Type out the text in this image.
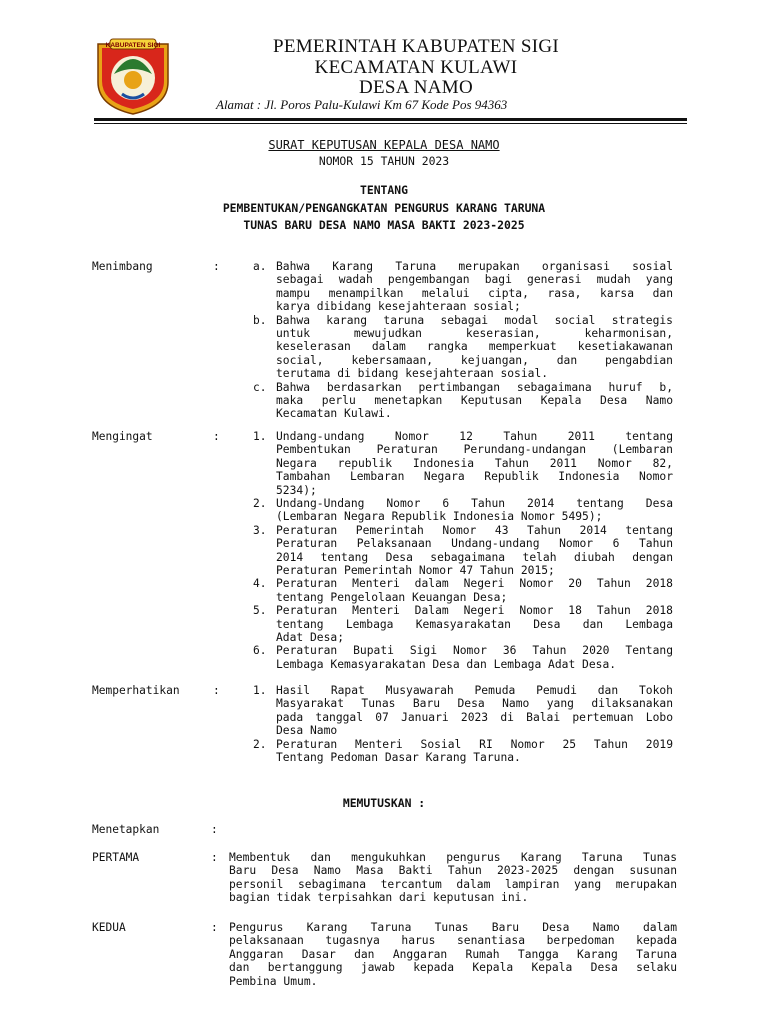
KABUPATEN SIGI	PEMERINTAH KABUPATEN SIGI
KECAMATAN KULAWI
DESA NAMO
Alamat : Jl. Poros Palu-Kulawi Km 67 Kode Pos 94363
SURAT KEPUTUSAN KEPALA DESA NAMO
NOMOR 15 TAHUN 2023
TENTANG
PEMBENTUKAN/PENGANGKATAN PENGURUS KARANG TARUNA
TUNAS BARU DESA NAMO MASA BAKTI 2023-2025
Menimbang	:	a. Bahwa Karang Taruna merupakan organisasi sosial
sebagai wadah pengembangan bagi generasi mudah yang
mampu menampilkan melalui cipta, rasa, karsa dan
karya dibidang kesejahteraan sosial;
b. Bahwa karang taruna sebagai modal social strategis
untuk mewujudkan keserasian, keharmonisan,
keselerasan dalam rangka memperkuat kesetiakawanan
social, kebersamaan, kejuangan, dan pengabdian
terutama di bidang kesejahteraan sosial.
c. Bahwa berdasarkan pertimbangan sebagaimana huruf b,
maka perlu menetapkan Keputusan Kepala Desa Namo
Kecamatan Kulawi.
Mengingat	:	1. Undang-undang Nomor 12 Tahun 2011 tentang
Pembentukan Peraturan Perundang-undangan (Lembaran
Negara republik Indonesia Tahun 2011 Nomor 82,
Tambahan Lembaran Negara Republik Indonesia Nomor
5234);
2. Undang-Undang Nomor 6 Tahun 2014 tentang Desa
(Lembaran Negara Republik Indonesia Nomor 5495);
3. Peraturan Pemerintah Nomor 43 Tahun 2014 tentang
Peraturan Pelaksanaan Undang-undang Nomor 6 Tahun
2014 tentang Desa sebagaimana telah diubah dengan
Peraturan Pemerintah Nomor 47 Tahun 2015;
4. Peraturan Menteri dalam Negeri Nomor 20 Tahun 2018
tentang Pengelolaan Keuangan Desa;
5. Peraturan Menteri Dalam Negeri Nomor 18 Tahun 2018
tentang Lembaga Kemasyarakatan Desa dan Lembaga
Adat Desa;
6. Peraturan Bupati Sigi Nomor 36 Tahun 2020 Tentang
Lembaga Kemasyarakatan Desa dan Lembaga Adat Desa.
Memperhatikan	:	1. Hasil Rapat Musyawarah Pemuda Pemudi dan Tokoh
Masyarakat Tunas Baru Desa Namo yang dilaksanakan
pada tanggal 07 Januari 2023 di Balai pertemuan Lobo
Desa Namo
2. Peraturan Menteri Sosial RI Nomor 25 Tahun 2019
Tentang Pedoman Dasar Karang Taruna.
MEMUTUSKAN :
Menetapkan	:
PERTAMA	: Membentuk dan mengukuhkan pengurus Karang Taruna Tunas
Baru Desa Namo Masa Bakti Tahun 2023-2025 dengan susunan
personil sebagimana tercantum dalam lampiran yang merupakan
bagian tidak terpisahkan dari keputusan ini.
KEDUA	: Pengurus Karang Taruna Tunas Baru Desa Namo dalam
pelaksanaan tugasnya harus senantiasa berpedoman kepada
Anggaran Dasar dan Anggaran Rumah Tangga Karang Taruna
dan bertanggung jawab kepada Kepala Kepala Desa selaku
Pembina Umum.
